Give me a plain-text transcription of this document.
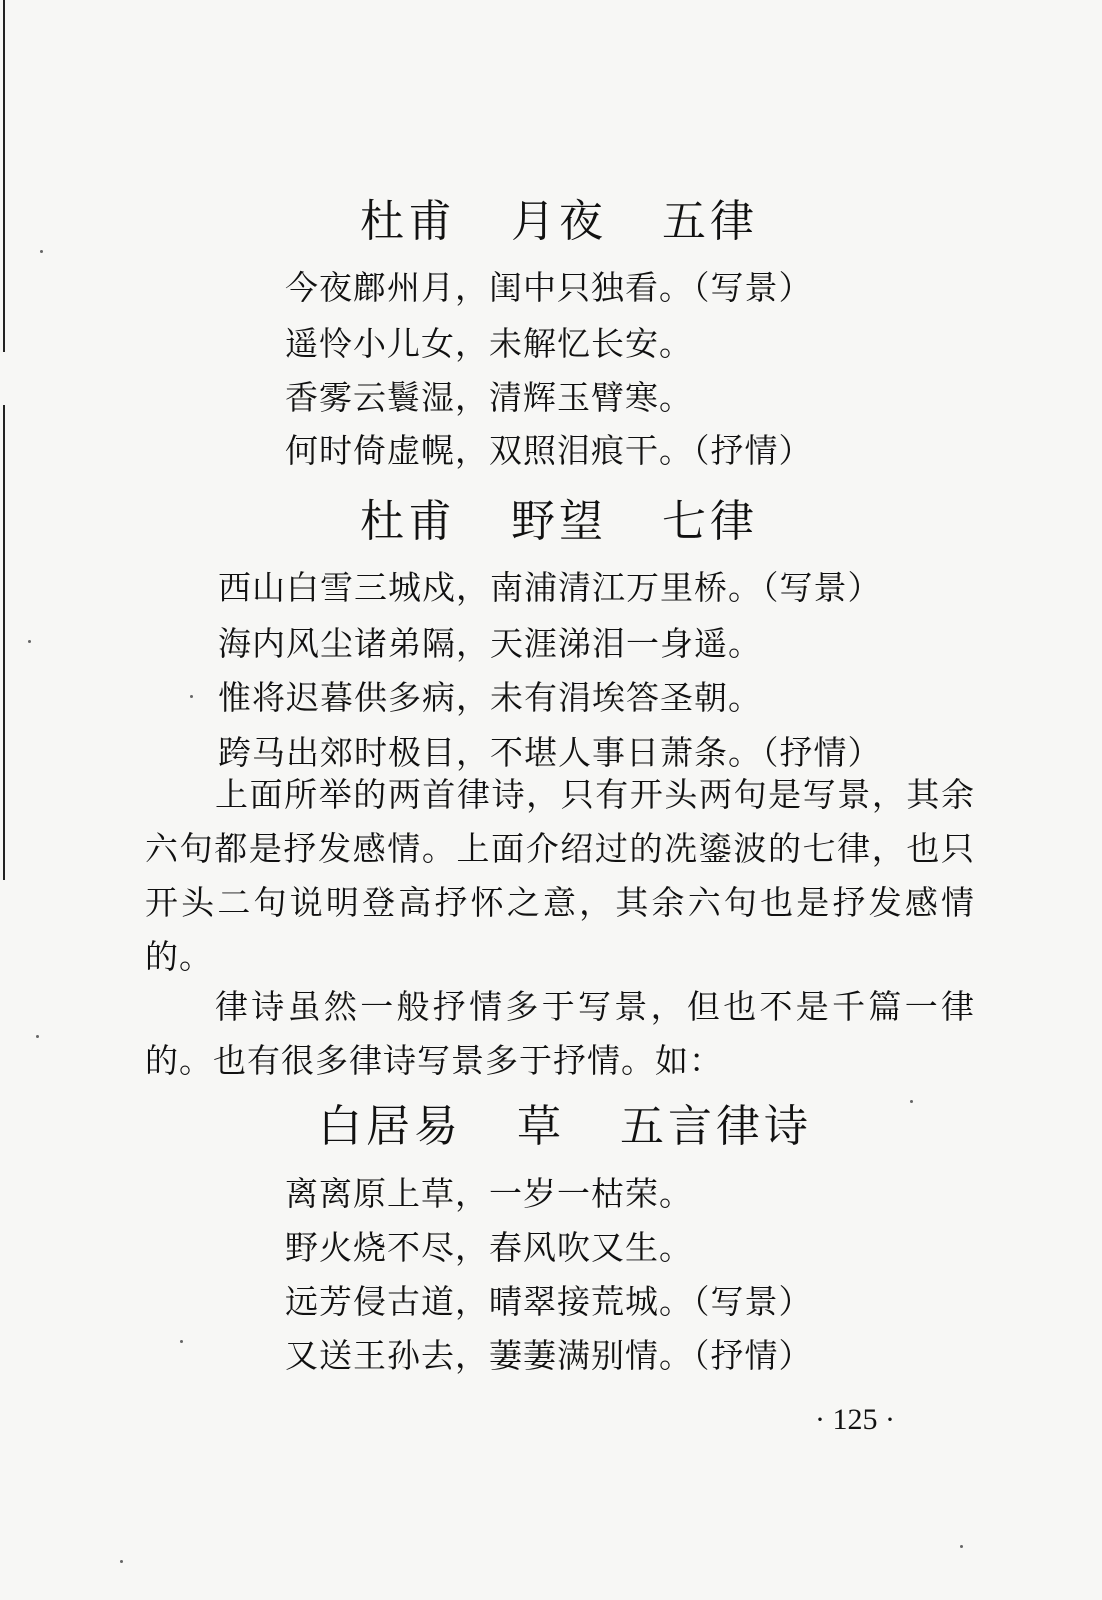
杜甫 月夜 五律
今夜鄜州月，闺中只独看。（写景）
遥怜小儿女，未解忆长安。
香雾云鬟湿，清辉玉臂寒。
何时倚虚幌，双照泪痕干。（抒情）
杜甫 野望 七律
西山白雪三城戍，南浦清江万里桥。（写景）
海内风尘诸弟隔，天涯涕泪一身遥。
惟将迟暮供多病，未有涓埃答圣朝。
跨马出郊时极目，不堪人事日萧条。（抒情）

上面所举的两首律诗，只有开头两句是写景，其余六句都是抒发感情。上面介绍过的冼鎏波的七律，也只开头二句说明登高抒怀之意，其余六句也是抒发感情的。

律诗虽然一般抒情多于写景，但也不是千篇一律的。也有很多律诗写景多于抒情。如：

白居易 草 五言律诗
离离原上草，一岁一枯荣。
野火烧不尽，春风吹又生。
远芳侵古道，晴翠接荒城。（写景）
又送王孙去，萋萋满别情。（抒情）
· 125 ·
